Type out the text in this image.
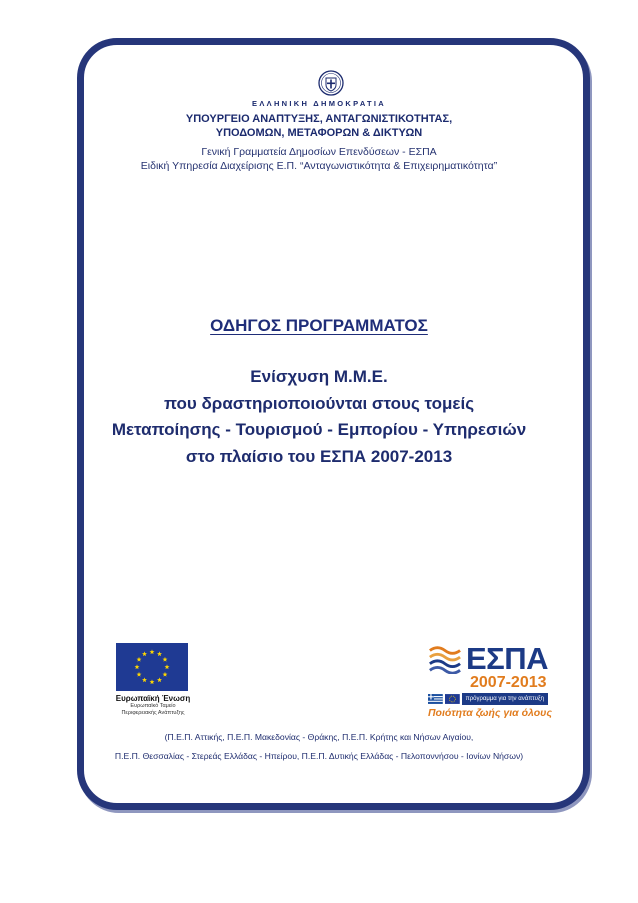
ΕΛΛΗΝΙΚΗ ΔΗΜΟΚΡΑΤΙΑ
ΥΠΟΥΡΓΕΙΟ ΑΝΑΠΤΥΞΗΣ, ΑΝΤΑΓΩΝΙΣΤΙΚΟΤΗΤΑΣ,
ΥΠΟΔΟΜΩΝ, ΜΕΤΑΦΟΡΩΝ & ΔΙΚΤΥΩΝ
Γενική Γραμματεία Δημοσίων Επενδύσεων - ΕΣΠΑ
Ειδική Υπηρεσία Διαχείρισης Ε.Π. “Ανταγωνιστικότητα & Επιχειρηματικότητα”
ΟΔΗΓΟΣ ΠΡΟΓΡΑΜΜΑΤΟΣ
Ενίσχυση Μ.Μ.Ε.
που δραστηριοποιούνται στους τομείς
Μεταποίησης - Τουρισμού - Εμπορίου - Υπηρεσιών
στο πλαίσιο του ΕΣΠΑ 2007-2013
Ευρωπαϊκή Ένωση
Ευρωπαϊκό Ταμείο
Περιφερειακής Ανάπτυξης
ΕΣΠΑ
2007-2013
πρόγραμμα για την ανάπτυξη
Ποιότητα ζωής για όλους
(Π.Ε.Π. Αττικής, Π.Ε.Π. Μακεδονίας - Θράκης, Π.Ε.Π. Κρήτης και Νήσων Αιγαίου,
Π.Ε.Π. Θεσσαλίας - Στερεάς Ελλάδας - Ηπείρου, Π.Ε.Π. Δυτικής Ελλάδας - Πελοποννήσου - Ιονίων Νήσων)
